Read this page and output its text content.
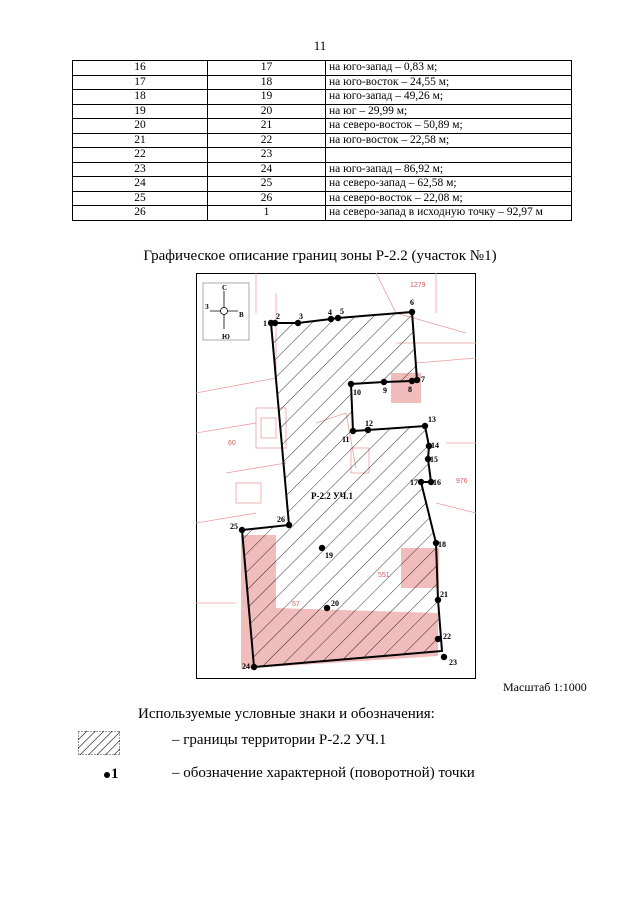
11
16	17	на юго-запад – 0,83 м;
17	18	на юго-восток – 24,55 м;
18	19	на юго-запад – 49,26 м;
19	20	на юг – 29,99 м;
20	21	на северо-восток – 50,89 м;
21	22	на юго-восток – 22,58 м;
22	23	
23	24	на юго-запад – 86,92 м;
24	25	на северо-запад – 62,58 м;
25	26	на северо-восток – 22,08 м;
26	1	на северо-запад в исходную точку – 92,97 м
Графическое описание границ зоны Р-2.2 (участок №1)
1279
60
976
С
Ю
З
В
Р-2.2 УЧ.1
1
2 3	4 5
6
7
8
9
10
11
12	13
14
15
16
17
18
19
20
21
22
23
24
25
26
Масштаб 1:1000
Используемые условные знаки и обозначения:
– границы территории Р-2.2 УЧ.1
1	– обозначение характерной (поворотной) точки
